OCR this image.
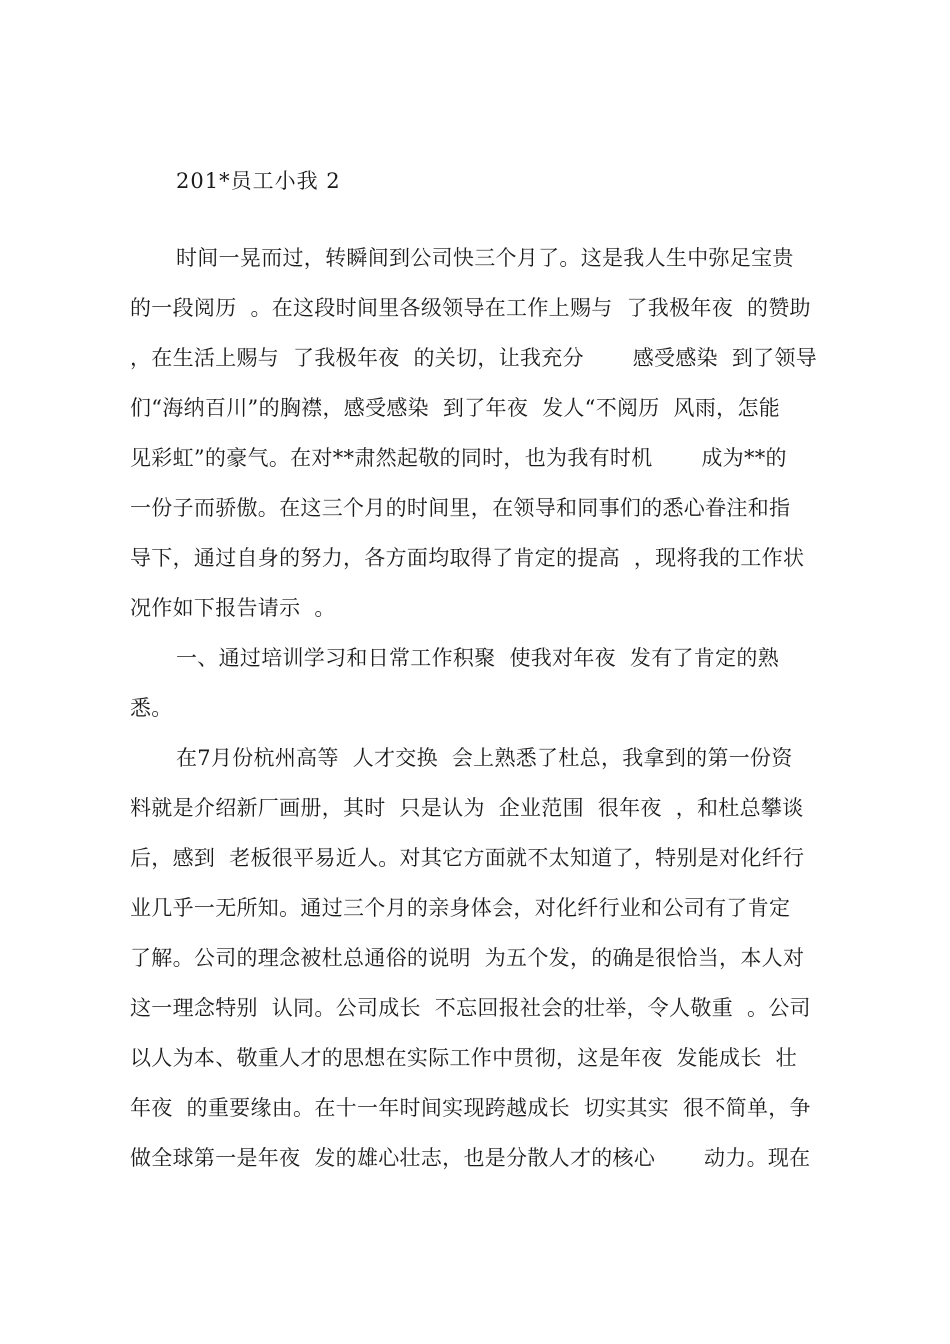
201*员工小我 2
时间一晃而过，转瞬间到公司快三个月了。这是我人生中弥足宝贵
的一段阅历  。在这段时间里各级领导在工作上赐与  了我极年夜  的赞助
，在生活上赐与  了我极年夜  的关切，让我充分       感受感染  到了领导
们“海纳百川”的胸襟，感受感染  到了年夜  发人“不阅历  风雨，怎能
见彩虹”的豪气。在对**肃然起敬的同时，也为我有时机       成为**的
一份子而骄傲。在这三个月的时间里，在领导和同事们的悉心眷注和指
导下，通过自身的努力，各方面均取得了肯定的提高  ，现将我的工作状
况作如下报告请示  。
一、通过培训学习和日常工作积聚  使我对年夜  发有了肯定的熟
悉。
在7月份杭州高等  人才交换  会上熟悉了杜总，我拿到的第一份资
料就是介绍新厂画册，其时  只是认为  企业范围  很年夜  ，和杜总攀谈
后，感到  老板很平易近人。对其它方面就不太知道了，特别是对化纤行
业几乎一无所知。通过三个月的亲身体会，对化纤行业和公司有了肯定
了解。公司的理念被杜总通俗的说明  为五个发，的确是很恰当，本人对
这一理念特别  认同。公司成长  不忘回报社会的壮举，令人敬重  。公司
以人为本、敬重人才的思想在实际工作中贯彻，这是年夜  发能成长  壮
年夜  的重要缘由。在十一年时间实现跨越成长  切实其实  很不简单，争
做全球第一是年夜  发的雄心壮志，也是分散人才的核心       动力。现在
